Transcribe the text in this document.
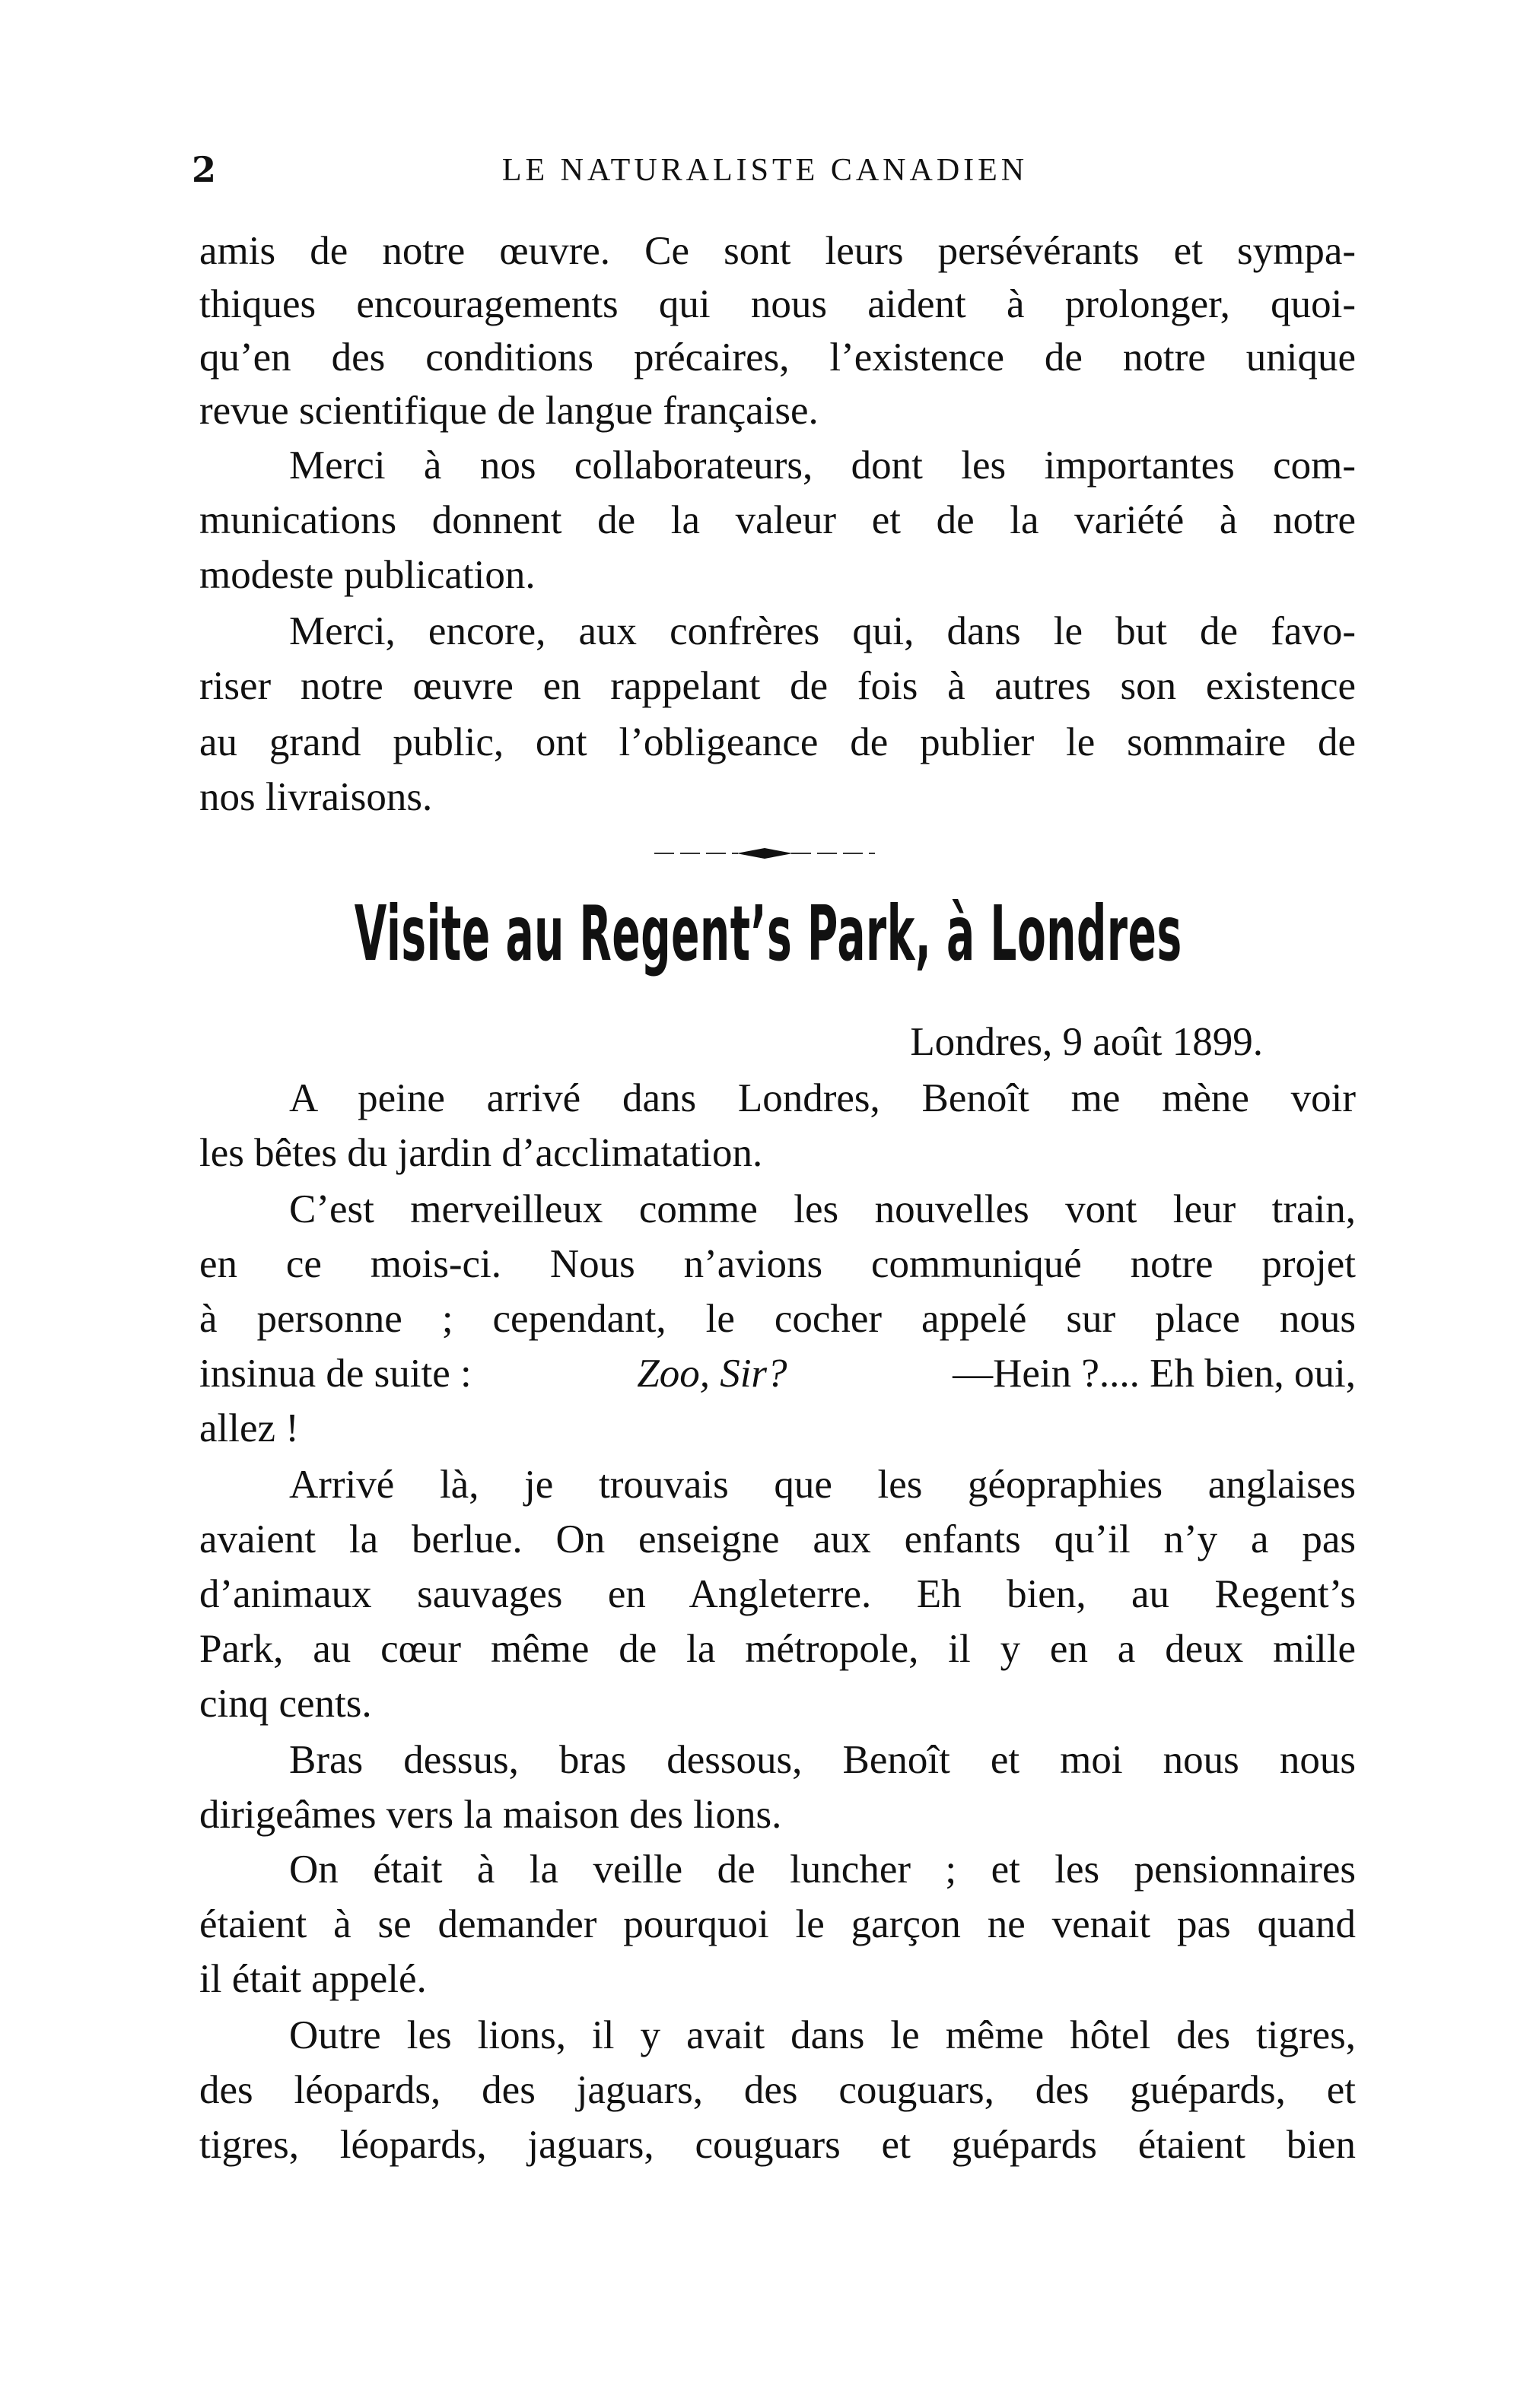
2	LE NATURALISTE CANADIEN
amis de notre œuvre. Ce sont leurs persévérants et sympa-
thiques encouragements qui nous aident à prolonger, quoi-
qu’en des conditions précaires, l’existence de notre unique
revue scientifique de langue française.
Merci à nos collaborateurs, dont les importantes com-
munications donnent de la valeur et de la variété à notre
modeste publication.
Merci, encore, aux confrères qui, dans le but de favo-
riser notre œuvre en rappelant de fois à autres son existence
au grand public, ont l’obligeance de publier le sommaire de
nos livraisons.
Visite au Regent’s Park, à Londres
Londres, 9 août 1899.
A peine arrivé dans Londres, Benoît me mène voir
les bêtes du jardin d’acclimatation.
C’est merveilleux comme les nouvelles vont leur train,
en ce mois-ci. Nous n’avions communiqué notre projet
à personne ; cependant, le cocher appelé sur place nous
insinua de suite :	Zoo, Sir?	—Hein ?.... Eh bien, oui,
allez !
Arrivé là, je trouvais que les géopraphies anglaises
avaient la berlue. On enseigne aux enfants qu’il n’y a pas
d’animaux sauvages en Angleterre. Eh bien, au Regent’s
Park, au cœur même de la métropole, il y en a deux mille
cinq cents.
Bras dessus, bras dessous, Benoît et moi nous nous
dirigeâmes vers la maison des lions.
On était à la veille de luncher ; et les pensionnaires
étaient à se demander pourquoi le garçon ne venait pas quand
il était appelé.
Outre les lions, il y avait dans le même hôtel des tigres,
des léopards, des jaguars, des couguars, des guépards, et
tigres, léopards, jaguars, couguars et guépards étaient bien
